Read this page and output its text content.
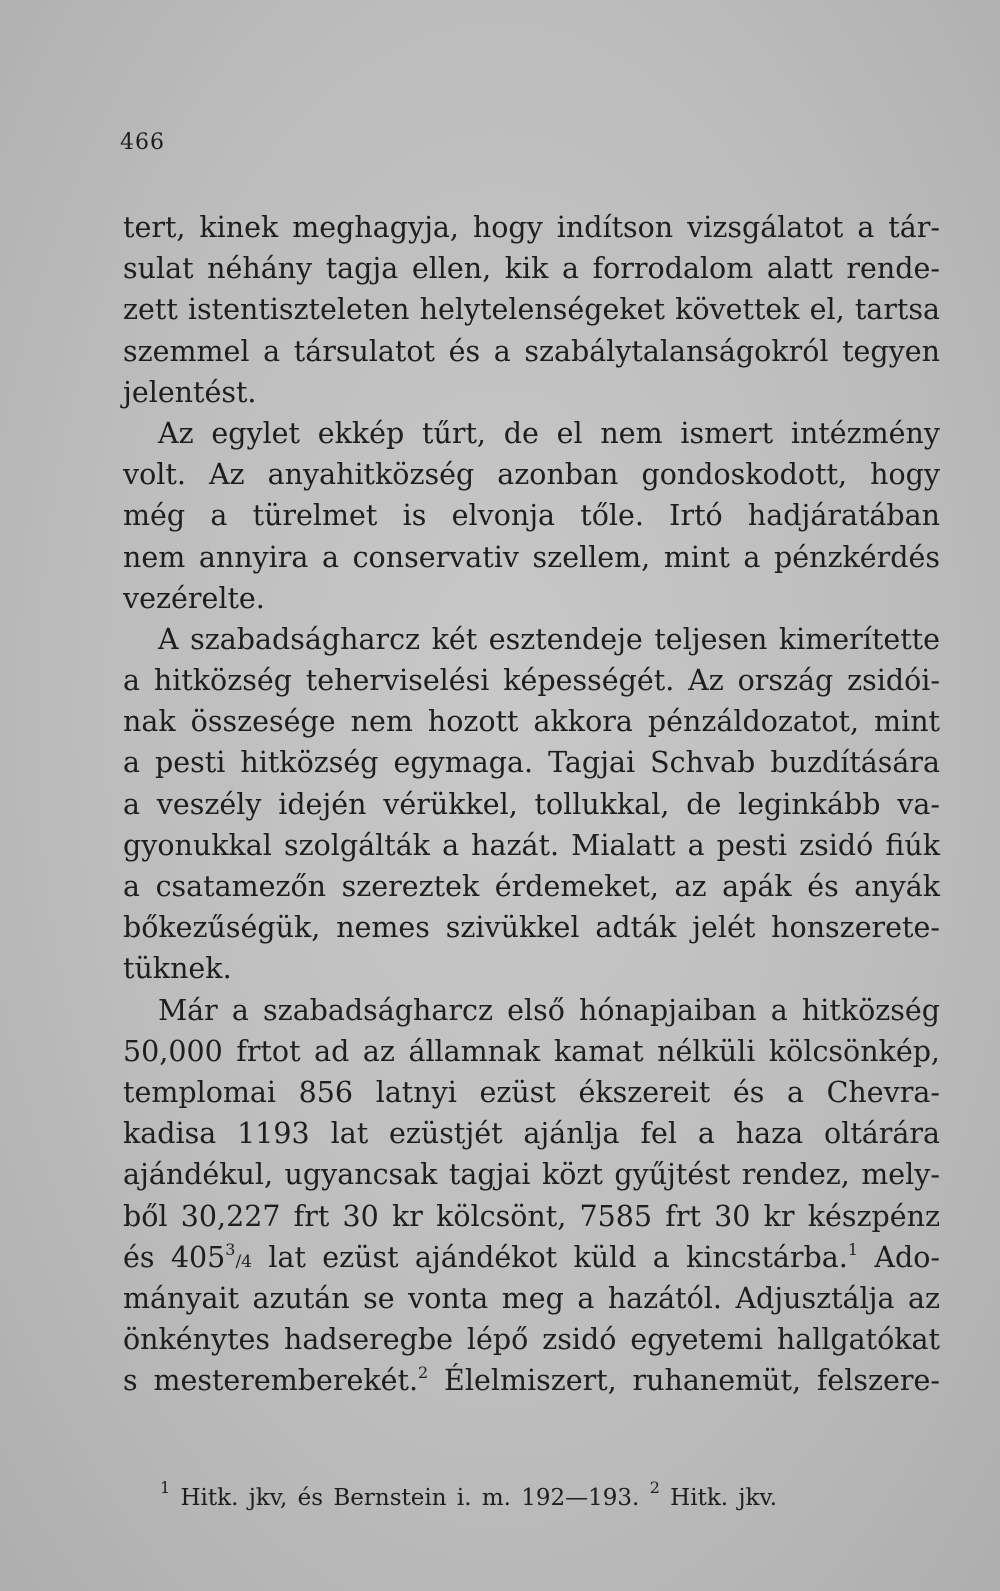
466
tert, kinek meghagyja, hogy indítson vizsgálatot a tár-
sulat néhány tagja ellen, kik a forrodalom alatt rende-
zett istentiszteleten helytelenségeket követtek el, tartsa
szemmel a társulatot és a szabálytalanságokról tegyen
jelentést.
Az egylet ekkép tűrt, de el nem ismert intézmény
volt. Az anyahitközség azonban gondoskodott, hogy
még a türelmet is elvonja tőle. Irtó hadjáratában
nem annyira a conservativ szellem, mint a pénzkérdés
vezérelte.
A szabadságharcz két esztendeje teljesen kimerítette
a hitközség teherviselési képességét. Az ország zsidói-
nak összesége nem hozott akkora pénzáldozatot, mint
a pesti hitközség egymaga. Tagjai Schvab buzdítására
a veszély idején vérükkel, tollukkal, de leginkább va-
gyonukkal szolgálták a hazát. Mialatt a pesti zsidó fiúk
a csatamezőn szereztek érdemeket, az apák és anyák
bőkezűségük, nemes szivükkel adták jelét honszerete-
tüknek.
Már a szabadságharcz első hónapjaiban a hitközség
50,000 frtot ad az államnak kamat nélküli kölcsönkép,
templomai 856 latnyi ezüst ékszereit és a Chevra-
kadisa 1193 lat ezüstjét ajánlja fel a haza oltárára
ajándékul, ugyancsak tagjai közt gyűjtést rendez, mely-
ből 30,227 frt 30 kr kölcsönt, 7585 frt 30 kr készpénz
és $405^3/4$ lat ezüst ajándékot küld a kincstárba.$^1$ Ado-
mányait azután se vonta meg a hazától. Adjusztálja az
önkénytes hadseregbe lépő zsidó egyetemi hallgatókat
s mesteremberekét.$^2$ Élelmiszert, ruhanemüt, felszere-
$^1$ Hitk. jkv, és Bernstein i. m. 192—193. $^2$ Hitk. jkv.
